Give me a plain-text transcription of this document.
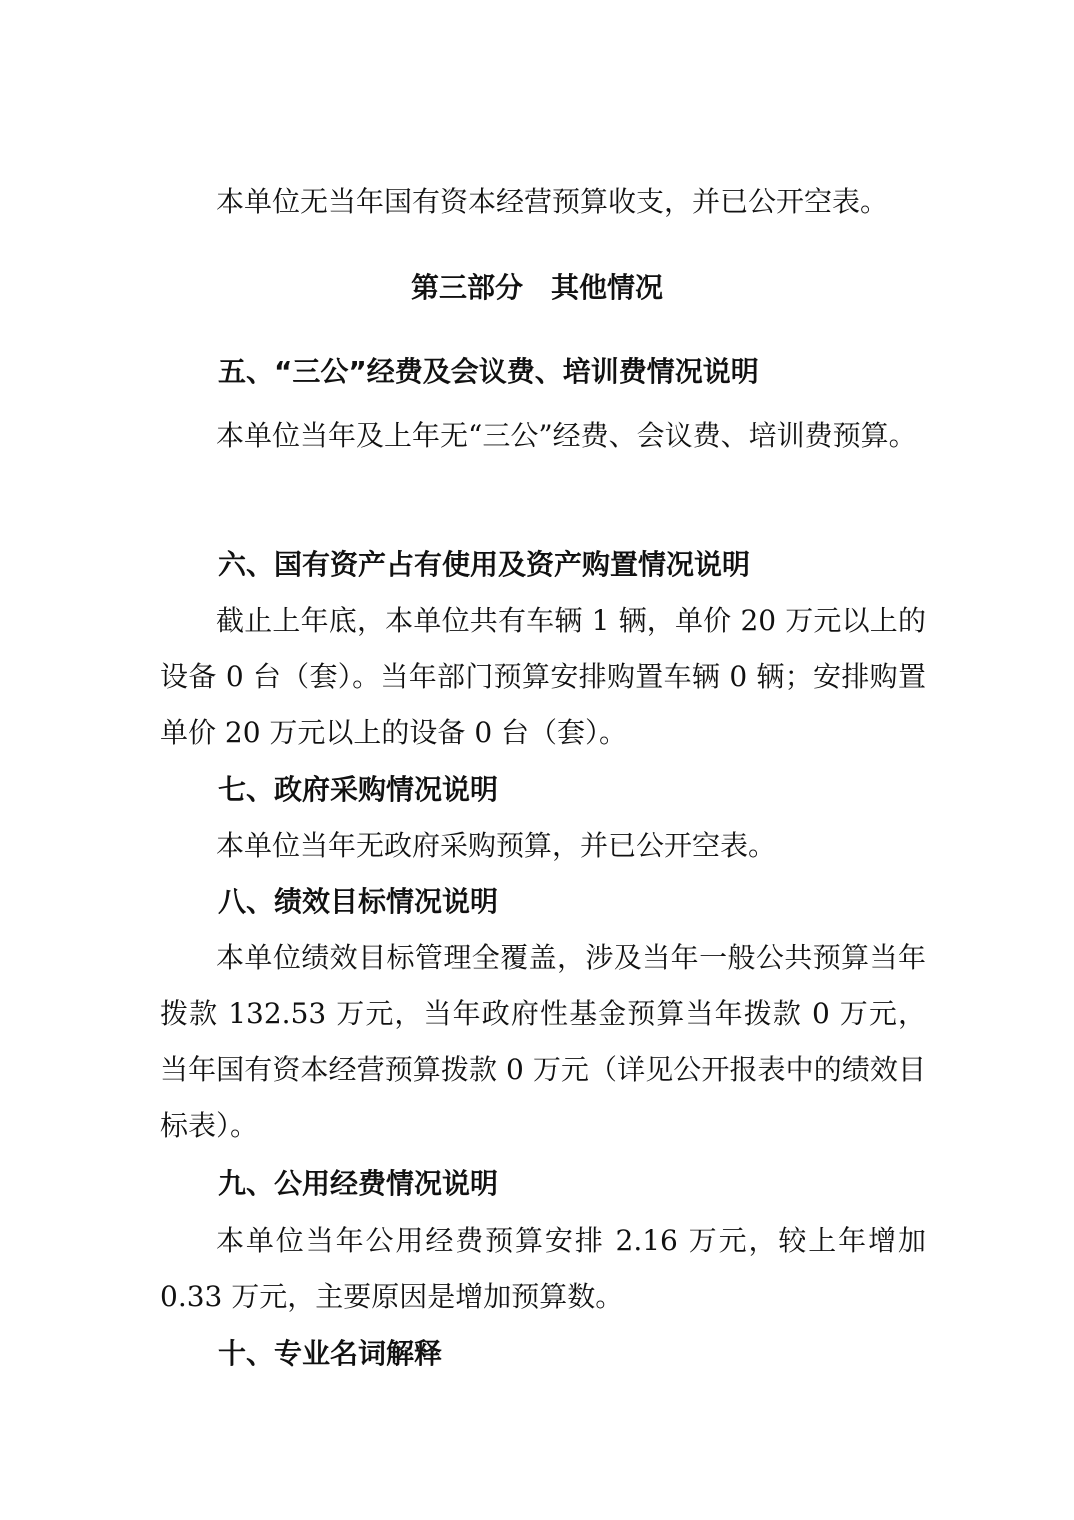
本单位无当年国有资本经营预算收支，并已公开空表。

第三部分　其他情况
五、“三公”经费及会议费、培训费情况说明

本单位当年及上年无“三公”经费、会议费、培训费预算。

六、国有资产占有使用及资产购置情况说明

截止上年底，本单位共有车辆 1 辆，单价 20 万元以上的设备 0 台（套）。当年部门预算安排购置车辆 0 辆；安排购置单价 20 万元以上的设备 0 台（套）。

七、政府采购情况说明

本单位当年无政府采购预算，并已公开空表。

八、绩效目标情况说明

本单位绩效目标管理全覆盖，涉及当年一般公共预算当年拨款 132.53 万元，当年政府性基金预算当年拨款 0 万元，当年国有资本经营预算拨款 0 万元（详见公开报表中的绩效目标表）。

九、公用经费情况说明

本单位当年公用经费预算安排 2.16 万元，较上年增加 0.33 万元，主要原因是增加预算数。

十、专业名词解释
